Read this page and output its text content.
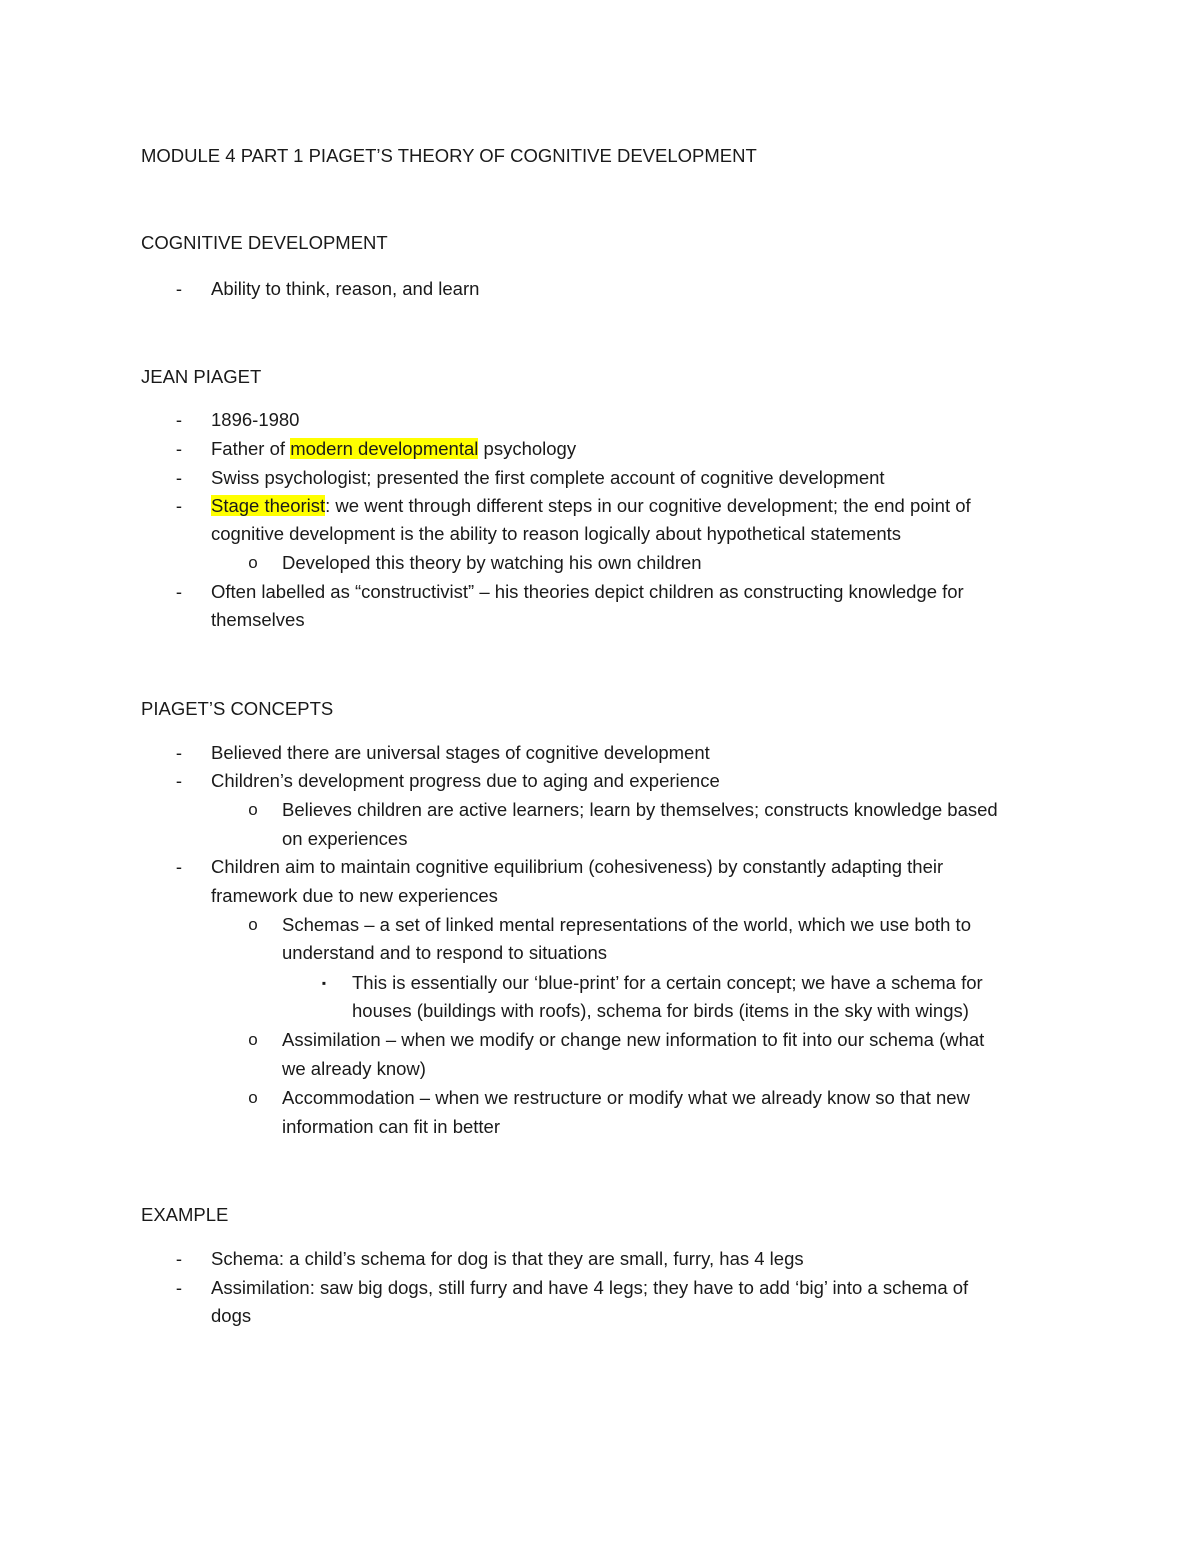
MODULE 4 PART 1 PIAGET’S THEORY OF COGNITIVE DEVELOPMENT
COGNITIVE DEVELOPMENT
-	Ability to think, reason, and learn
JEAN PIAGET
-	1896-1980
-	Father of modern developmental psychology
-	Swiss psychologist; presented the first complete account of cognitive development
-	Stage theorist: we went through different steps in our cognitive development; the end point of
cognitive development is the ability to reason logically about hypothetical statements
o Developed this theory by watching his own children
-	Often labelled as “constructivist” – his theories depict children as constructing knowledge for
themselves
PIAGET’S CONCEPTS
-	Believed there are universal stages of cognitive development
-	Children’s development progress due to aging and experience
o Believes children are active learners; learn by themselves; constructs knowledge based
on experiences
-	Children aim to maintain cognitive equilibrium (cohesiveness) by constantly adapting their
framework due to new experiences
o Schemas – a set of linked mental representations of the world, which we use both to
understand and to respond to situations
▪	This is essentially our ‘blue-print’ for a certain concept; we have a schema for
houses (buildings with roofs), schema for birds (items in the sky with wings)
o Assimilation – when we modify or change new information to fit into our schema (what
we already know)
o Accommodation – when we restructure or modify what we already know so that new
information can fit in better
EXAMPLE
-	Schema: a child’s schema for dog is that they are small, furry, has 4 legs
-	Assimilation: saw big dogs, still furry and have 4 legs; they have to add ‘big’ into a schema of
dogs
